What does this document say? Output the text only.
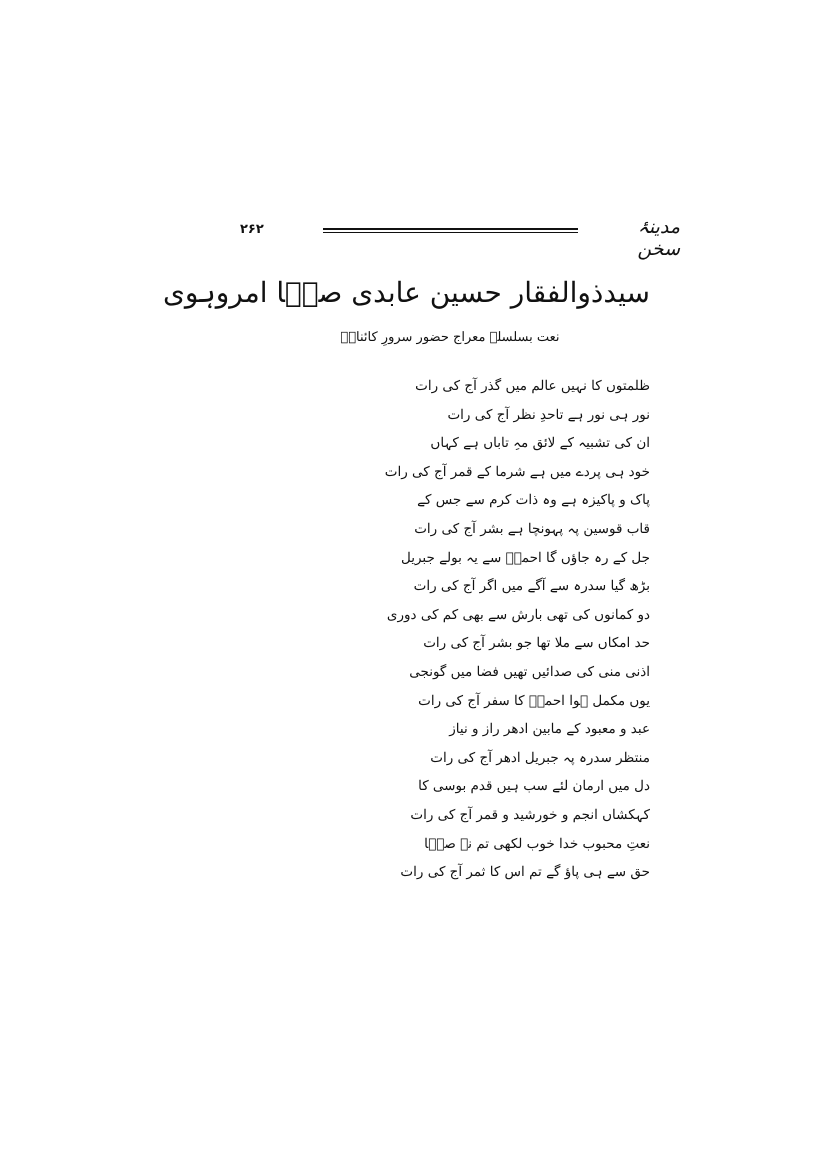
۲۶۲	مدینۂ سخن
سیدذوالفقار حسین عابدی صبؔا امروہوی
نعت بسلسلۂ معراج حضور سرورِ کائناتؐ
ظلمتوں کا نہیں عالم میں گذر آج کی رات
نور ہی نور ہے تاحدِ نظر آج کی رات
ان کی تشبیہ کے لائق مہِ تاباں ہے کہاں
خود ہی پردے میں ہے شرما کے قمر آج کی رات
پاک و پاکیزہ ہے وہ ذات کرم سے جس کے
قاب قوسین پہ پہونچا ہے بشر آج کی رات
جل کے رہ جاؤں گا احمدؐ سے یہ بولے جبریل
بڑھ گیا سدرہ سے آگے میں اگر آج کی رات
دو کمانوں کی تھی بارش سے بھی کم کی دوری
حد امکاں سے ملا تھا جو بشر آج کی رات
اذنی منی کی صدائیں تھیں فضا میں گونجی
یوں مکمل ہوا احمدؐ کا سفر آج کی رات
عبد و معبود کے مابین ادھر راز و نیاز
منتظر سدرہ پہ جبریل ادھر آج کی رات
دل میں ارمان لئے سب ہیں قدم بوسی کا
کہکشاں انجم و خورشید و قمر آج کی رات
نعتِ محبوب خدا خوب لکھی تم نے صبؔا
حق سے ہی پاؤ گے تم اس کا ثمر آج کی رات
